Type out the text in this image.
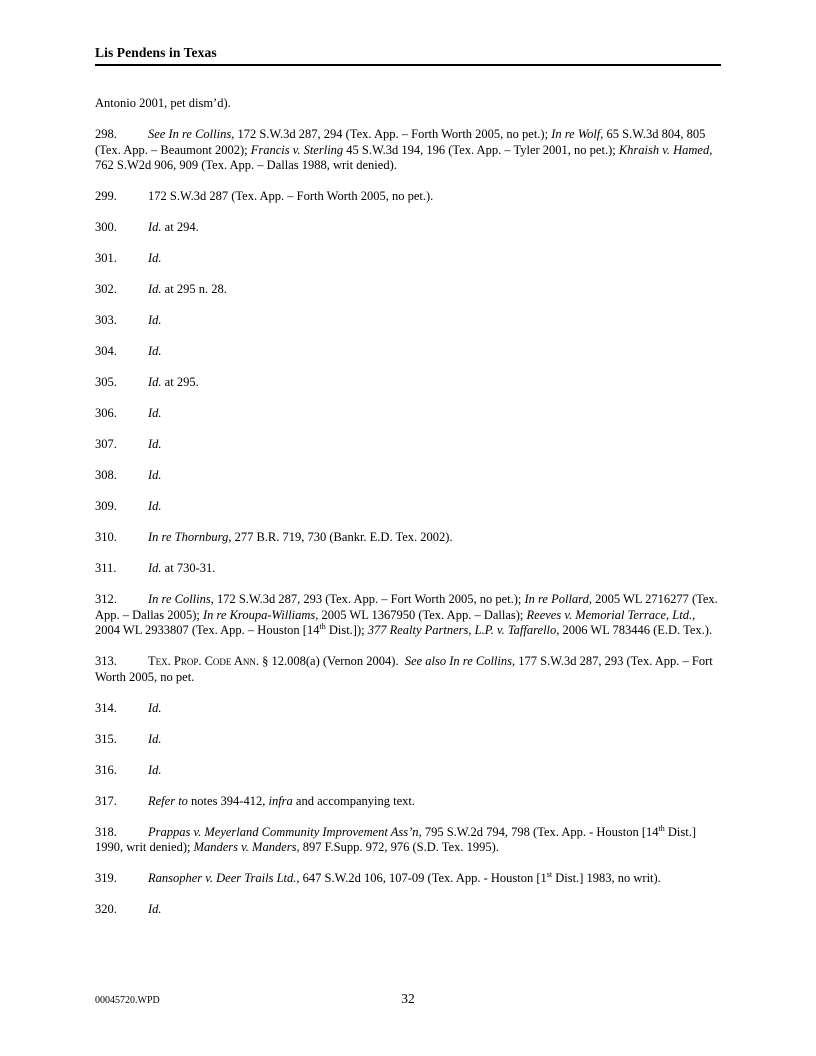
Lis Pendens in Texas

Antonio 2001, pet dism’d).

298. See In re Collins, 172 S.W.3d 287, 294 (Tex. App. – Forth Worth 2005, no pet.); In re Wolf, 65 S.W.3d 804, 805 (Tex. App. – Beaumont 2002); Francis v. Sterling 45 S.W.3d 194, 196 (Tex. App. – Tyler 2001, no pet.); Khraish v. Hamed, 762 S.W2d 906, 909 (Tex. App. – Dallas 1988, writ denied).

299. 172 S.W.3d 287 (Tex. App. – Forth Worth 2005, no pet.).

300. Id. at 294.

301. Id.

302. Id. at 295 n. 28.

303. Id.

304. Id.

305. Id. at 295.

306. Id.

307. Id.

308. Id.

309. Id.

310. In re Thornburg, 277 B.R. 719, 730 (Bankr. E.D. Tex. 2002).

311.	Id. at 730-31.

312. In re Collins, 172 S.W.3d 287, 293 (Tex. App. – Fort Worth 2005, no pet.); In re Pollard, 2005 WL 2716277 (Tex. App. – Dallas 2005); In re Kroupa-Williams, 2005 WL 1367950 (Tex. App. – Dallas); Reeves v. Memorial Terrace, Ltd., 2004 WL 2933807 (Tex. App. – Houston [14th Dist.]); 377 Realty Partners, L.P. v. Taffarello, 2006 WL 783446 (E.D. Tex.).

313. Tex. Prop. Code Ann. § 12.008(a) (Vernon 2004).  See also In re Collins, 177 S.W.3d 287, 293 (Tex. App. – Fort Worth 2005, no pet.

314. Id.

315. Id.

316. Id.

317. Refer to notes 394-412, infra and accompanying text.

318. Prappas v. Meyerland Community Improvement Ass’n, 795 S.W.2d 794, 798 (Tex. App. - Houston [14th Dist.] 1990, writ denied); Manders v. Manders, 897 F.Supp. 972, 976 (S.D. Tex. 1995).

319. Ransopher v. Deer Trails Ltd., 647 S.W.2d 106, 107-09 (Tex. App. - Houston [1st Dist.] 1983, no writ).

320. Id.

00045720.WPD	32
